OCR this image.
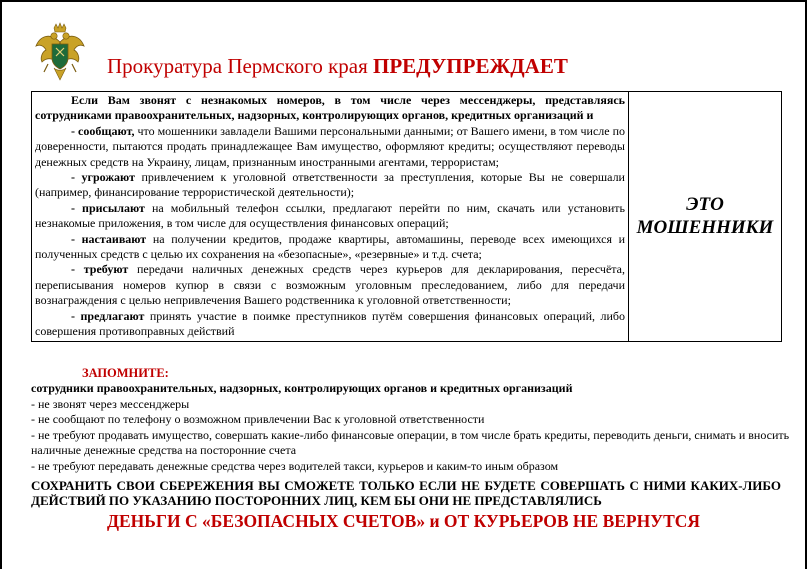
Прокуратура Пермского края ПРЕДУПРЕЖДАЕТ

Если Вам звонят с незнакомых номеров, в том числе через мессенджеры, представляясь сотрудниками правоохранительных, надзорных, контролирующих органов, кредитных организаций и

- сообщают, что мошенники завладели Вашими персональными данными; от Вашего имени, в том числе по доверенности, пытаются продать принадлежащее Вам имущество, оформляют кредиты; осуществляют переводы денежных средств на Украину, лицам, признанным иностранными агентами, террористам;

- угрожают привлечением к уголовной ответственности за преступления, которые Вы не совершали (например, финансирование террористической деятельности);

- присылают на мобильный телефон ссылки, предлагают перейти по ним, скачать или установить незнакомые приложения, в том числе для осуществления финансовых операций;

- настаивают на получении кредитов, продаже квартиры, автомашины, переводе всех имеющихся и полученных средств с целью их сохранения на «безопасные», «резервные» и т.д. счета;

- требуют передачи наличных денежных средств через курьеров для декларирования, пересчёта, переписывания номеров купюр в связи с возможным уголовным преследованием, либо для передачи вознаграждения с целью непривлечения Вашего родственника к уголовной ответственности;

- предлагают принять участие в поимке преступников путём совершения финансовых операций, либо совершения противоправных действий

ЭТО
МОШЕННИКИ
ЗАПОМНИТЕ:
сотрудники правоохранительных, надзорных, контролирующих органов и кредитных организаций
- не звонят через мессенджеры
- не сообщают по телефону о возможном привлечении Вас к уголовной ответственности
- не требуют продавать имущество, совершать какие-либо финансовые операции, в том числе брать кредиты, переводить деньги, снимать и вносить наличные денежные средства на посторонние счета
- не требуют передавать денежные средства через водителей такси, курьеров и каким-то иным образом
СОХРАНИТЬ СВОИ СБЕРЕЖЕНИЯ ВЫ СМОЖЕТЕ ТОЛЬКО ЕСЛИ НЕ БУДЕТЕ СОВЕРШАТЬ С НИМИ КАКИХ-ЛИБО ДЕЙСТВИЙ ПО УКАЗАНИЮ ПОСТОРОННИХ ЛИЦ, КЕМ БЫ ОНИ НЕ ПРЕДСТАВЛЯЛИСЬ
ДЕНЬГИ С «БЕЗОПАСНЫХ СЧЕТОВ» и ОТ КУРЬЕРОВ НЕ ВЕРНУТСЯ
